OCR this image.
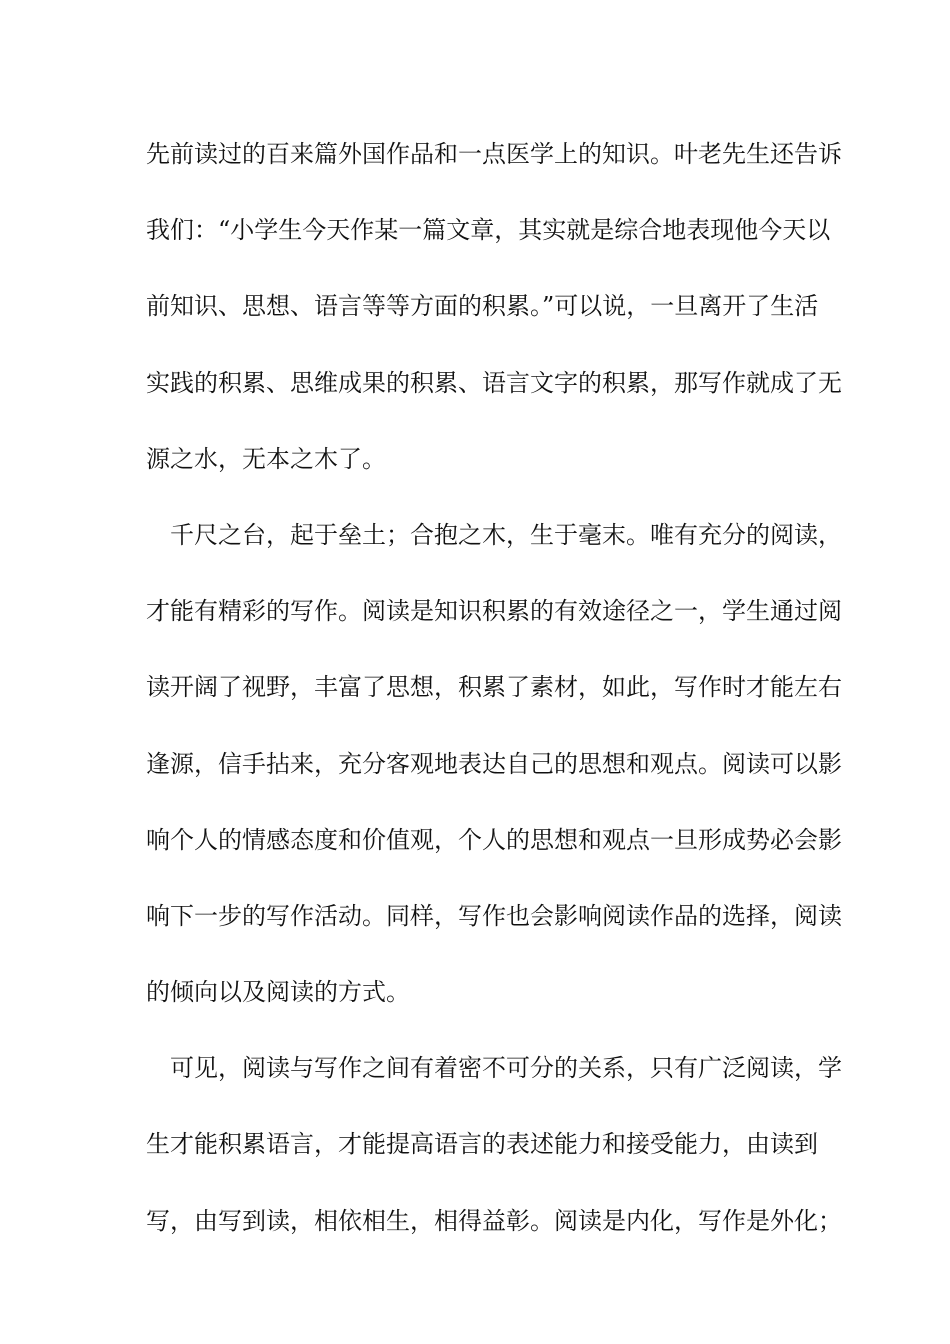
先前读过的百来篇外国作品和一点医学上的知识。叶老先生还告诉
我们：“小学生今天作某一篇文章，其实就是综合地表现他今天以
前知识、思想、语言等等方面的积累。”可以说，一旦离开了生活
实践的积累、思维成果的积累、语言文字的积累，那写作就成了无
源之水，无本之木了。
千尺之台，起于垒土；合抱之木，生于毫末。唯有充分的阅读，
才能有精彩的写作。阅读是知识积累的有效途径之一，学生通过阅
读开阔了视野，丰富了思想，积累了素材，如此，写作时才能左右
逢源，信手拈来，充分客观地表达自己的思想和观点。阅读可以影
响个人的情感态度和价值观，个人的思想和观点一旦形成势必会影
响下一步的写作活动。同样，写作也会影响阅读作品的选择，阅读
的倾向以及阅读的方式。
可见，阅读与写作之间有着密不可分的关系，只有广泛阅读，学
生才能积累语言，才能提高语言的表述能力和接受能力，由读到
写，由写到读，相依相生，相得益彰。阅读是内化，写作是外化；
